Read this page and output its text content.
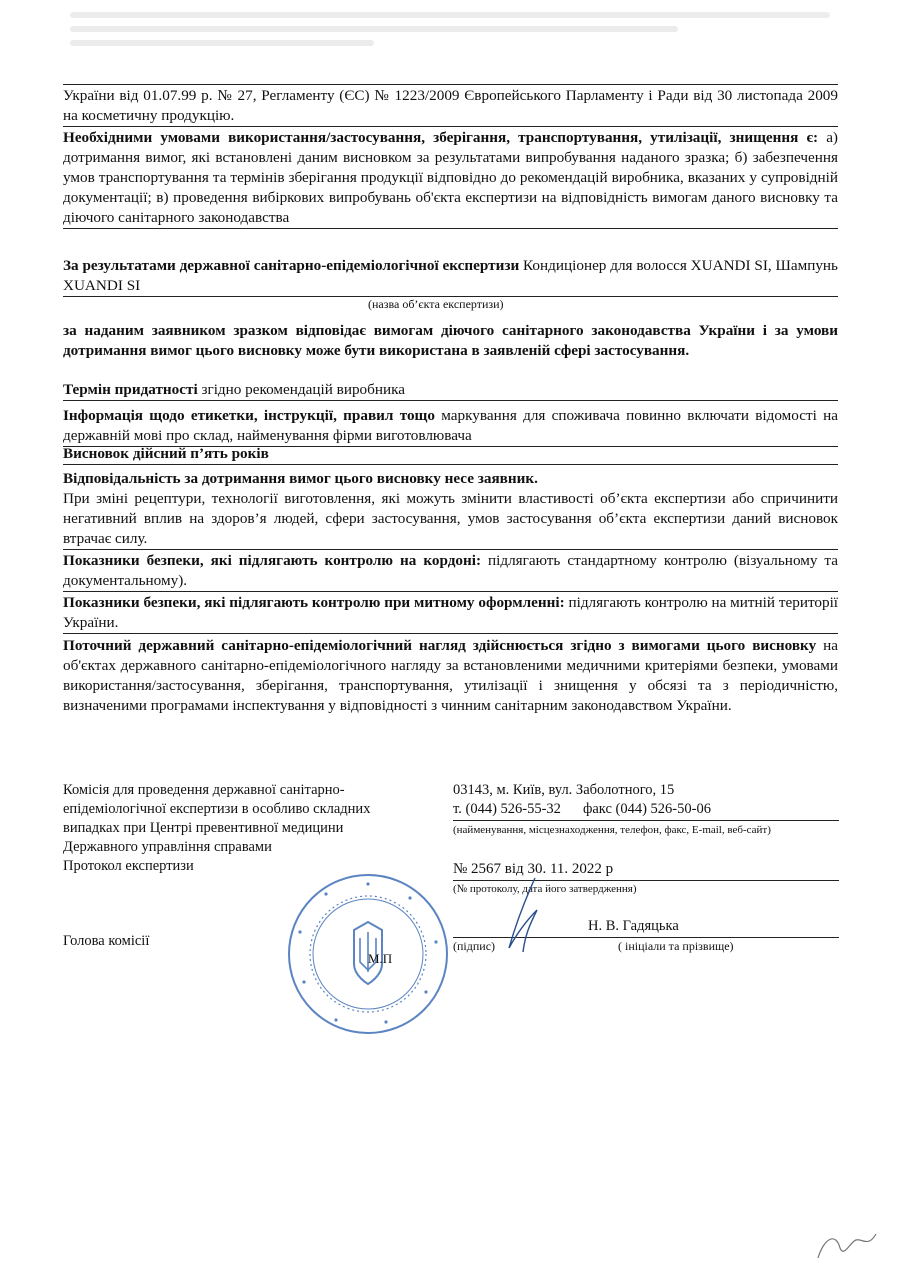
України від 01.07.99 р. № 27, Регламенту (ЄС) № 1223/2009 Європейського Парламенту і Ради від 30 листопада 2009 на косметичну продукцію.
Необхідними умовами використання/застосування, зберігання, транспортування, утилізації, знищення є: а) дотримання вимог, які встановлені даним висновком за результатами випробування наданого зразка; б) забезпечення умов транспортування та термінів зберігання продукції відповідно до рекомендацій виробника, вказаних у супровідній документації; в) проведення вибіркових випробувань об'єкта експертизи на відповідність вимогам даного висновку та діючого санітарного законодавства
За результатами державної санітарно-епідеміологічної експертизи Кондиціонер для волосся XUANDI SI, Шампунь XUANDI SI
(назва об’єкта експертизи)
за наданим заявником зразком відповідає вимогам діючого санітарного законодавства України і за умови дотримання вимог цього висновку може бути використана в заявленій сфері застосування.
Термін придатності згідно рекомендацій виробника
Інформація щодо етикетки, інструкції, правил тощо маркування для споживача повинно включати відомості на державній мові про склад, найменування фірми виготовлювача
Висновок дійсний п’ять років
Відповідальність за дотримання вимог цього висновку несе заявник.
При зміні рецептури, технології виготовлення, які можуть змінити властивості об’єкта експертизи або спричинити негативний вплив на здоров’я людей, сфери застосування, умов застосування об’єкта експертизи даний висновок втрачає силу.
Показники безпеки, які підлягають контролю на кордоні: підлягають стандартному контролю (візуальному та документальному).
Показники безпеки, які підлягають контролю при митному оформленні: підлягають контролю на митній території України.
Поточний державний санітарно-епідеміологічний нагляд здійснюється згідно з вимогами цього висновку на об'єктах державного санітарно-епідеміологічного нагляду за встановленими медичними критеріями безпеки, умовами використання/застосування, зберігання, транспортування, утилізації і знищення у обсязі та з періодичністю, визначеними програмами інспектування у відповідності з чинним санітарним законодавством України.
Комісія для проведення державної санітарно-
епідеміологічної експертизи в особливо складних
випадках при Центрі превентивної медицини
Державного управління справами
Протокол експертизи
Голова комісії
03143, м. Київ, вул. Заболотного, 15
т. (044) 526-55-32 факс (044) 526-50-06
(найменування, місцезнаходження, телефон, факс, E-mail, веб-сайт)
№ 2567 від 30. 11. 2022 р
(№ протоколу, дата його затвердження)
Н. В. Гадяцька
(підпис)	( ініціали та прізвище)
М.П
